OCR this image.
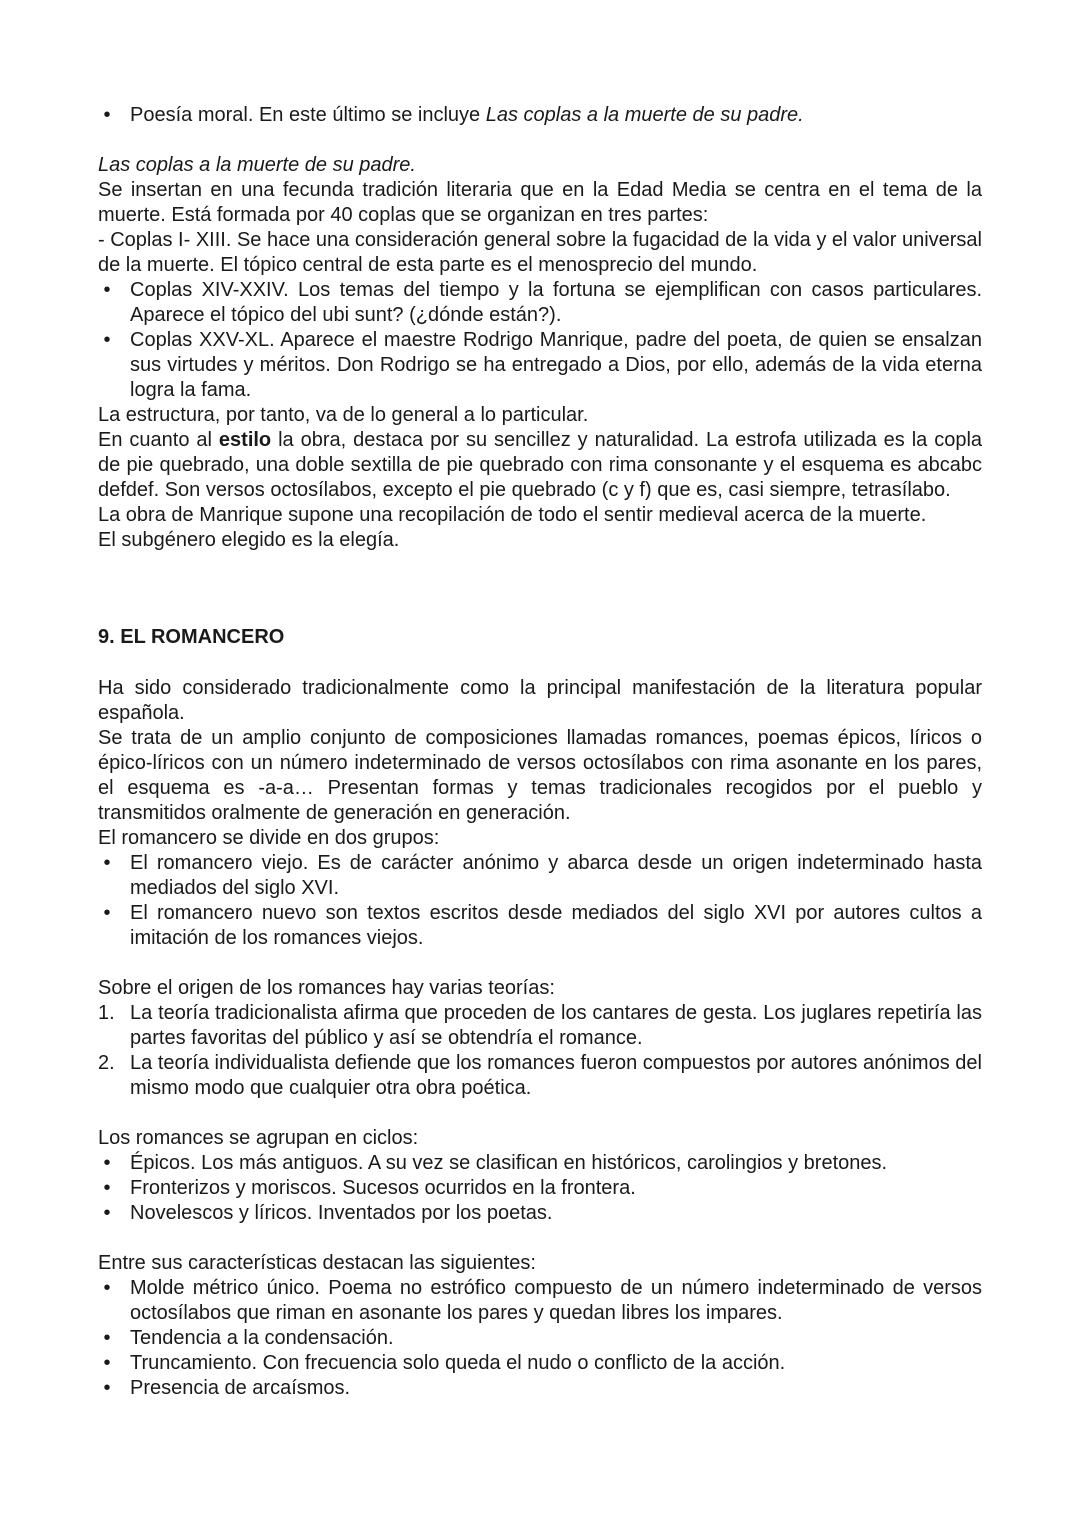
• Poesía moral. En este último se incluye Las coplas a la muerte de su padre.

Las coplas a la muerte de su padre.

Se insertan en una fecunda tradición literaria que en la Edad Media se centra en el tema de la muerte. Está formada por 40 coplas que se organizan en tres partes:

- Coplas I- XIII. Se hace una consideración general sobre la fugacidad de la vida y el valor universal de la muerte. El tópico central de esta parte es el menosprecio del mundo.

• Coplas XIV-XXIV. Los temas del tiempo y la fortuna se ejemplifican con casos particulares. Aparece el tópico del ubi sunt? (¿dónde están?).
• Coplas XXV-XL. Aparece el maestre Rodrigo Manrique, padre del poeta, de quien se ensalzan sus virtudes y méritos. Don Rodrigo se ha entregado a Dios, por ello, además de la vida eterna logra la fama.

La estructura, por tanto, va de lo general a lo particular.

En cuanto al estilo la obra, destaca por su sencillez y naturalidad. La estrofa utilizada es la copla de pie quebrado, una doble sextilla de pie quebrado con rima consonante y el esquema es abcabc defdef. Son versos octosílabos, excepto el pie quebrado (c y f) que es, casi siempre, tetrasílabo.

La obra de Manrique supone una recopilación de todo el sentir medieval acerca de la muerte.

El subgénero elegido es la elegía.

9. EL ROMANCERO

Ha sido considerado tradicionalmente como la principal manifestación de la literatura popular española.

Se trata de un amplio conjunto de composiciones llamadas romances, poemas épicos, líricos o épico-líricos con un número indeterminado de versos octosílabos con rima asonante en los pares, el esquema es -a-a… Presentan formas y temas tradicionales recogidos por el pueblo y transmitidos oralmente de generación en generación.

El romancero se divide en dos grupos:

• El romancero viejo. Es de carácter anónimo y abarca desde un origen indeterminado hasta mediados del siglo XVI.
• El romancero nuevo son textos escritos desde mediados del siglo XVI por autores cultos a imitación de los romances viejos.

Sobre el origen de los romances hay varias teorías:

1. La teoría tradicionalista afirma que proceden de los cantares de gesta. Los juglares repetiría las partes favoritas del público y así se obtendría el romance.
2. La teoría individualista defiende que los romances fueron compuestos por autores anónimos del mismo modo que cualquier otra obra poética.

Los romances se agrupan en ciclos:

• Épicos. Los más antiguos. A su vez se clasifican en históricos, carolingios y bretones.
• Fronterizos y moriscos. Sucesos ocurridos en la frontera.
• Novelescos y líricos. Inventados por los poetas.

Entre sus características destacan las siguientes:

• Molde métrico único. Poema no estrófico compuesto de un número indeterminado de versos octosílabos que riman en asonante los pares y quedan libres los impares.
• Tendencia a la condensación.
• Truncamiento. Con frecuencia solo queda el nudo o conflicto de la acción.
• Presencia de arcaísmos.
